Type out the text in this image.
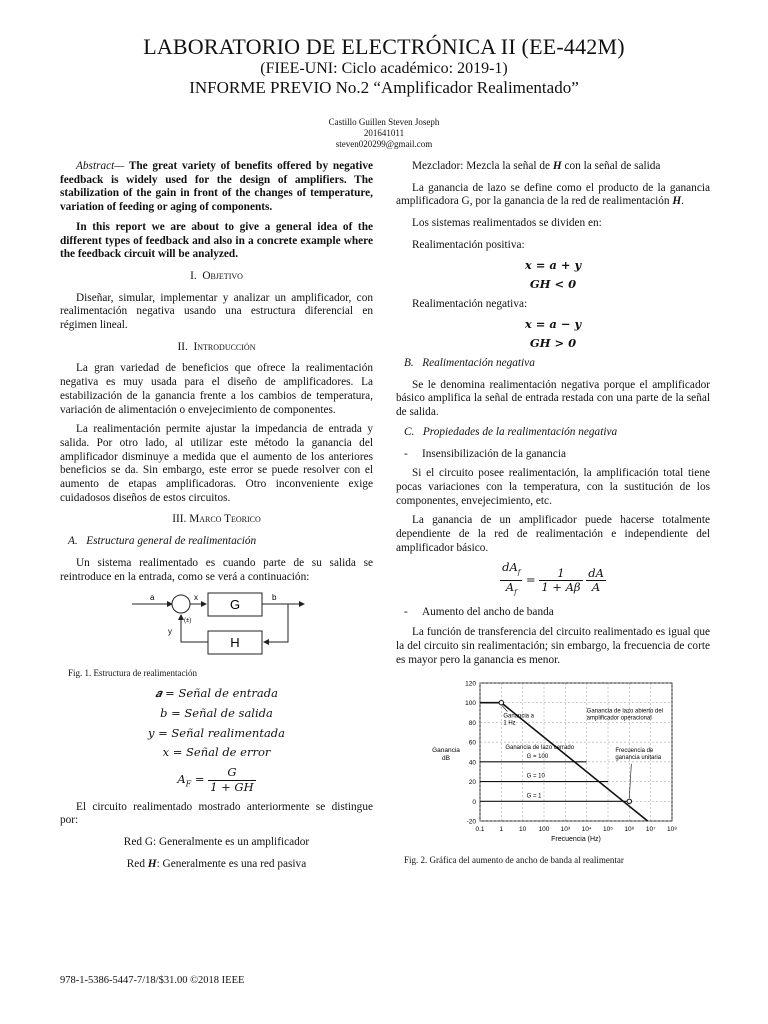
LABORATORIO DE ELECTRÓNICA II (EE-442M)
(FIEE-UNI: Ciclo académico: 2019-1)
INFORME PREVIO No.2 “Amplificador Realimentado”
Castillo Guillen Steven Joseph
201641011
steven020299@gmail.com

Abstract— The great variety of benefits offered by negative feedback is widely used for the design of amplifiers. The stabilization of the gain in front of the changes of temperature, variation of feeding or aging of components.

In this report we are about to give a general idea of the different types of feedback and also in a concrete example where the feedback circuit will be analyzed.

I. Objetivo

Diseñar, simular, implementar y analizar un amplificador, con realimentación negativa usando una estructura diferencial en régimen lineal.

II. Introducción

La gran variedad de beneficios que ofrece la realimentación negativa es muy usada para el diseño de amplificadores. La estabilización de la ganancia frente a los cambios de temperatura, variación de alimentación o envejecimiento de componentes.

La realimentación permite ajustar la impedancia de entrada y salida. Por otro lado, al utilizar este método la ganancia del amplificador disminuye a medida que el aumento de los anteriores beneficios se da. Sin embargo, este error se puede resolver con el aumento de etapas amplificadoras. Otro inconveniente exige cuidadosos diseños de estos circuitos.

III. Marco Teorico
A. Estructura general de realimentación

Un sistema realimentado es cuando parte de su salida se reintroduce en la entrada, como se verá a continuación:

a	x	b
y
(±)
G
H
Fig. 1. Estructura de realimentación
𝒂 = Señal de entrada
b = Señal de salida
y = Señal realimentada
x = Señal de error
$A_F = \frac{G}{1 + GH}$

El circuito realimentado mostrado anteriormente se distingue por:

Red G: Generalmente es un amplificador

Red H: Generalmente es una red pasiva

Mezclador: Mezcla la señal de H con la señal de salida

La ganancia de lazo se define como el producto de la ganancia amplificadora G, por la ganancia de la red de realimentación H.

Los sistemas realimentados se dividen en:

Realimentación positiva:

x = a + y
GH < 0

Realimentación negativa:

x = a − y
GH > 0
B. Realimentación negativa

Se le denomina realimentación negativa porque el amplificador básico amplifica la señal de entrada restada con una parte de la señal de salida.

C. Propiedades de la realimentación negativa
- Insensibilización de la ganancia

Si el circuito posee realimentación, la amplificación total tiene pocas variaciones con la temperatura, con la sustitución de los componentes, envejecimiento, etc.

La ganancia de un amplificador puede hacerse totalmente dependiente de la red de realimentación e independiente del amplificador básico.

$\frac{dA_f}{A_f} = \frac{1}{1 + A\beta}$
$\frac{dA}{A}$
- Aumento del ancho de banda

La función de transferencia del circuito realimentado es igual que la del circuito sin realimentación; sin embargo, la frecuencia de corte es mayor pero la ganancia es menor.

-20
0
20
40
60
80
100
120
0.1 1 10 100 10³ 10⁴ 10⁵ 10⁶ 10⁷ 10⁸
Frecuencia (Hz)
Ganancia
dB
Ganancia a
1 Hz
Ganancia de lazo abierto del
amplificador operacional
Ganancia de lazo cerrado	Frecuencia de
ganancia unitaria
G = 100
G = 10
G = 1
Fig. 2. Gráfica del aumento de ancho de banda al realimentar
978-1-5386-5447-7/18/$31.00 ©2018 IEEE
